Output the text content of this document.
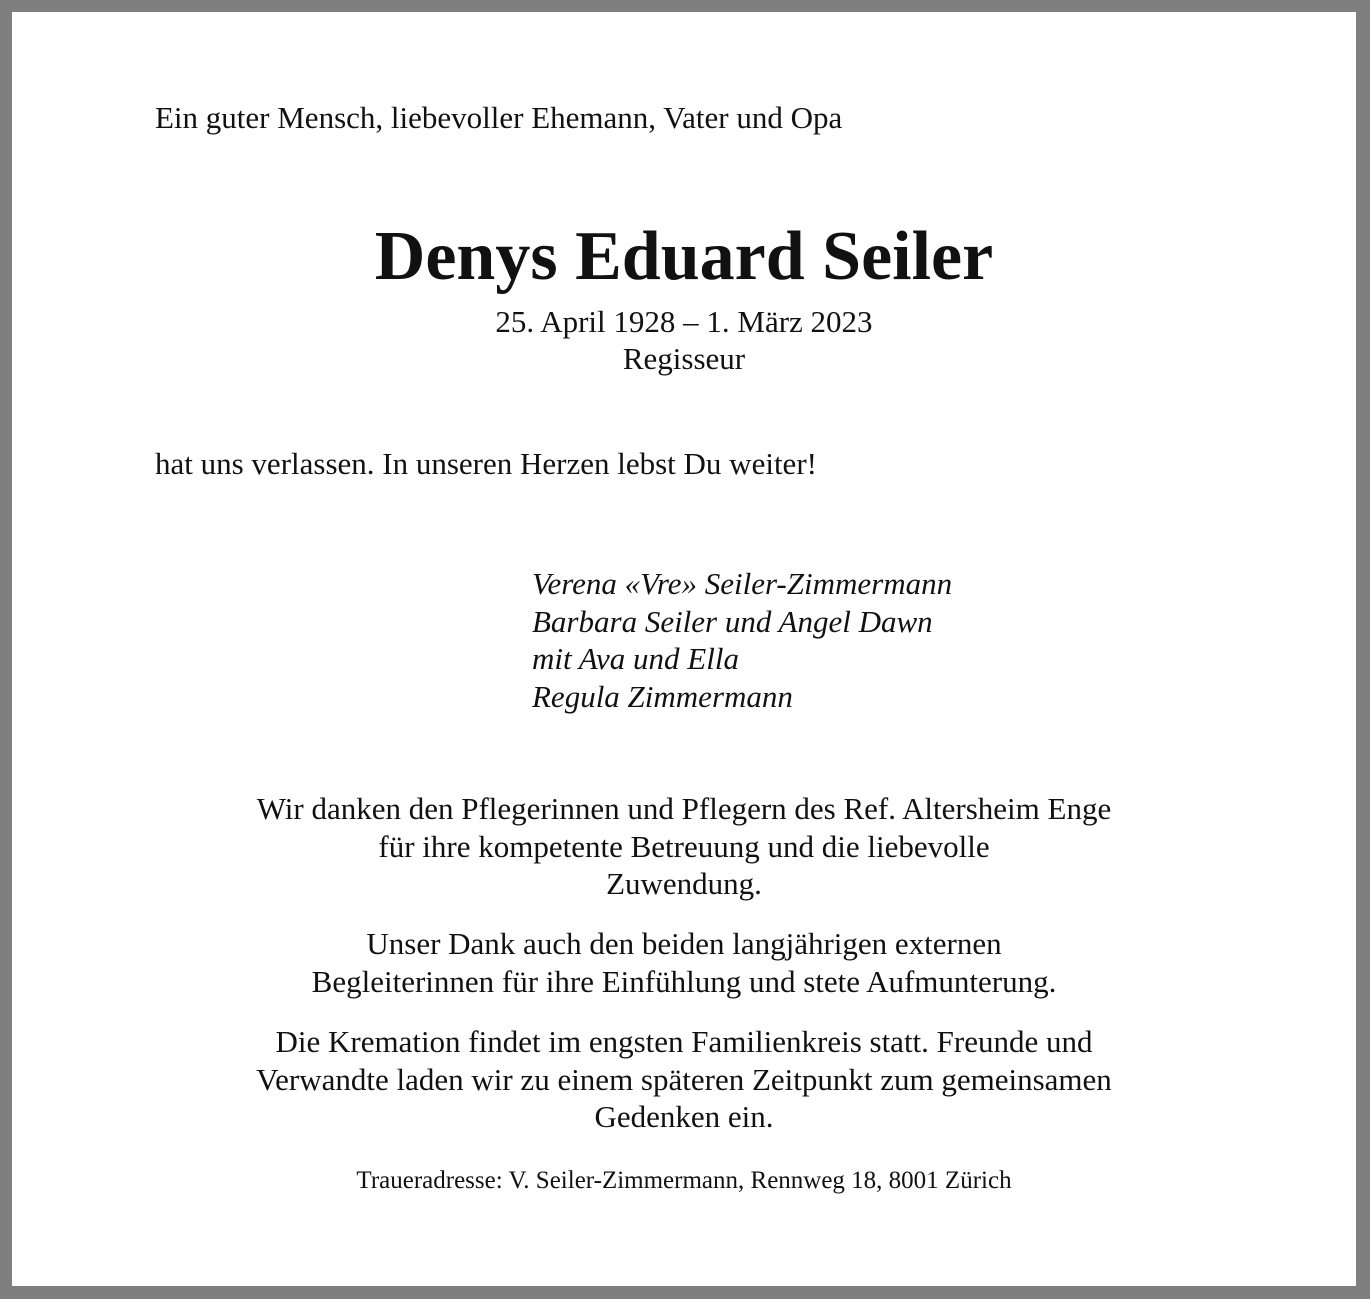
Ein guter Mensch, liebevoller Ehemann, Vater und Opa
Denys Eduard Seiler
25. April 1928 – 1. März 2023
Regisseur
hat uns verlassen. In unseren Herzen lebst Du weiter!
Verena «Vre» Seiler-Zimmermann
Barbara Seiler und Angel Dawn
mit Ava und Ella
Regula Zimmermann
Wir danken den Pflegerinnen und Pflegern des Ref. Altersheim Enge
für ihre kompetente Betreuung und die liebevolle
Zuwendung.
Unser Dank auch den beiden langjährigen externen
Begleiterinnen für ihre Einfühlung und stete Aufmunterung.
Die Kremation findet im engsten Familienkreis statt. Freunde und
Verwandte laden wir zu einem späteren Zeitpunkt zum gemeinsamen
Gedenken ein.
Traueradresse: V. Seiler-Zimmermann, Rennweg 18, 8001 Zürich
